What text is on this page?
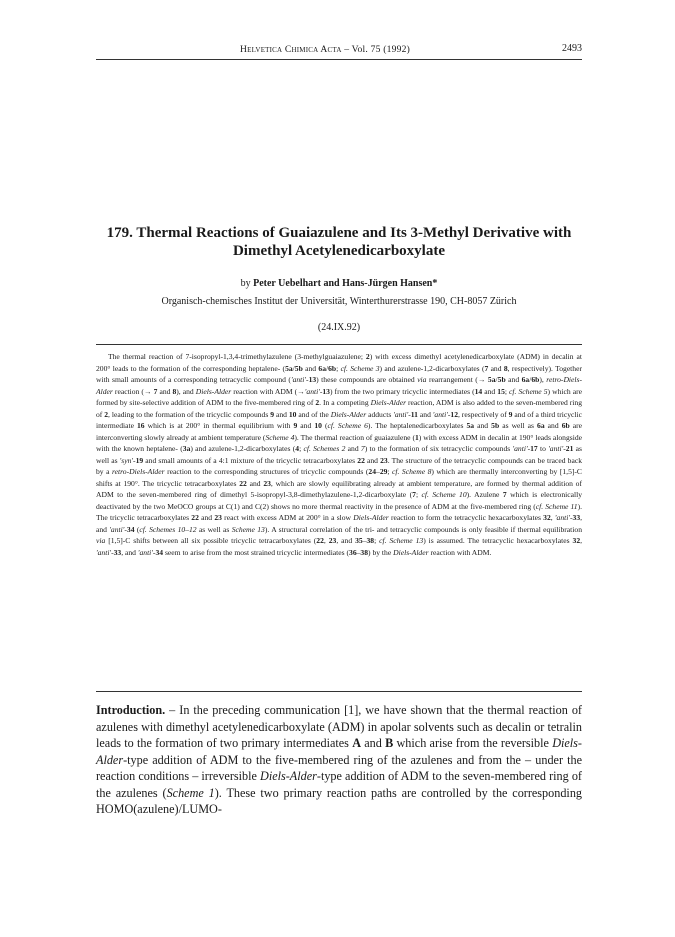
Helvetica Chimica Acta – Vol. 75 (1992)	2493
179. Thermal Reactions of Guaiazulene and Its 3-Methyl Derivative with Dimethyl Acetylenedicarboxylate
by Peter Uebelhart and Hans-Jürgen Hansen*
Organisch-chemisches Institut der Universität, Winterthurerstrasse 190, CH-8057 Zürich
(24.IX.92)
The thermal reaction of 7-isopropyl-1,3,4-trimethylazulene (3-methylguaiazulene; 2) with excess dimethyl acetylenedicarboxylate (ADM) in decalin at 200° leads to the formation of the corresponding heptalene- (5a/5b and 6a/6b; cf. Scheme 3) and azulene-1,2-dicarboxylates (7 and 8, respectively). Together with small amounts of a corresponding tetracyclic compound ('anti'-13) these compounds are obtained via rearrangement (→ 5a/5b and 6a/6b), retro-Diels-Alder reaction (→ 7 and 8), and Diels-Alder reaction with ADM (→'anti'-13) from the two primary tricyclic intermediates (14 and 15; cf. Scheme 5) which are formed by site-selective addition of ADM to the five-membered ring of 2. In a competing Diels-Alder reaction, ADM is also added to the seven-membered ring of 2, leading to the formation of the tricyclic compounds 9 and 10 and of the Diels-Alder adducts 'anti'-11 and 'anti'-12, respectively of 9 and of a third tricyclic intermediate 16 which is at 200° in thermal equilibrium with 9 and 10 (cf. Scheme 6). The heptalenedicarboxylates 5a and 5b as well as 6a and 6b are interconverting slowly already at ambient temperature (Scheme 4). The thermal reaction of guaiazulene (1) with excess ADM in decalin at 190° leads alongside with the known heptalene- (3a) and azulene-1,2-dicarboxylates (4; cf. Schemes 2 and 7) to the formation of six tetracyclic compounds 'anti'-17 to 'anti'-21 as well as 'syn'-19 and small amounts of a 4:1 mixture of the tricyclic tetracarboxylates 22 and 23. The structure of the tetracyclic compounds can be traced back by a retro-Diels-Alder reaction to the corresponding structures of tricyclic compounds (24–29; cf. Scheme 8) which are thermally interconverting by [1,5]-C shifts at 190°. The tricyclic tetracarboxylates 22 and 23, which are slowly equilibrating already at ambient temperature, are formed by thermal addition of ADM to the seven-membered ring of dimethyl 5-isopropyl-3,8-dimethylazulene-1,2-dicarboxylate (7; cf. Scheme 10). Azulene 7 which is electronically deactivated by the two MeOCO groups at C(1) and C(2) shows no more thermal reactivity in the presence of ADM at the five-membered ring (cf. Scheme 11). The tricyclic tetracarboxylates 22 and 23 react with excess ADM at 200° in a slow Diels-Alder reaction to form the tetracyclic hexacarboxylates 32, 'anti'-33, and 'anti'-34 (cf. Schemes 10–12 as well as Scheme 13). A structural correlation of the tri- and tetracyclic compounds is only feasible if thermal equilibration via [1,5]-C shifts between all six possible tricyclic tetracarboxylates (22, 23, and 35–38; cf. Scheme 13) is assumed. The tetracyclic hexacarboxylates 32, 'anti'-33, and 'anti'-34 seem to arise from the most strained tricyclic intermediates (36–38) by the Diels-Alder reaction with ADM.
Introduction. – In the preceding communication [1], we have shown that the thermal reaction of azulenes with dimethyl acetylenedicarboxylate (ADM) in apolar solvents such as decalin or tetralin leads to the formation of two primary intermediates A and B which arise from the reversible Diels-Alder-type addition of ADM to the five-membered ring of the azulenes and from the – under the reaction conditions – irreversible Diels-Alder-type addition of ADM to the seven-membered ring of the azulenes (Scheme 1). These two primary reaction paths are controlled by the corresponding HOMO(azulene)/LUMO-
